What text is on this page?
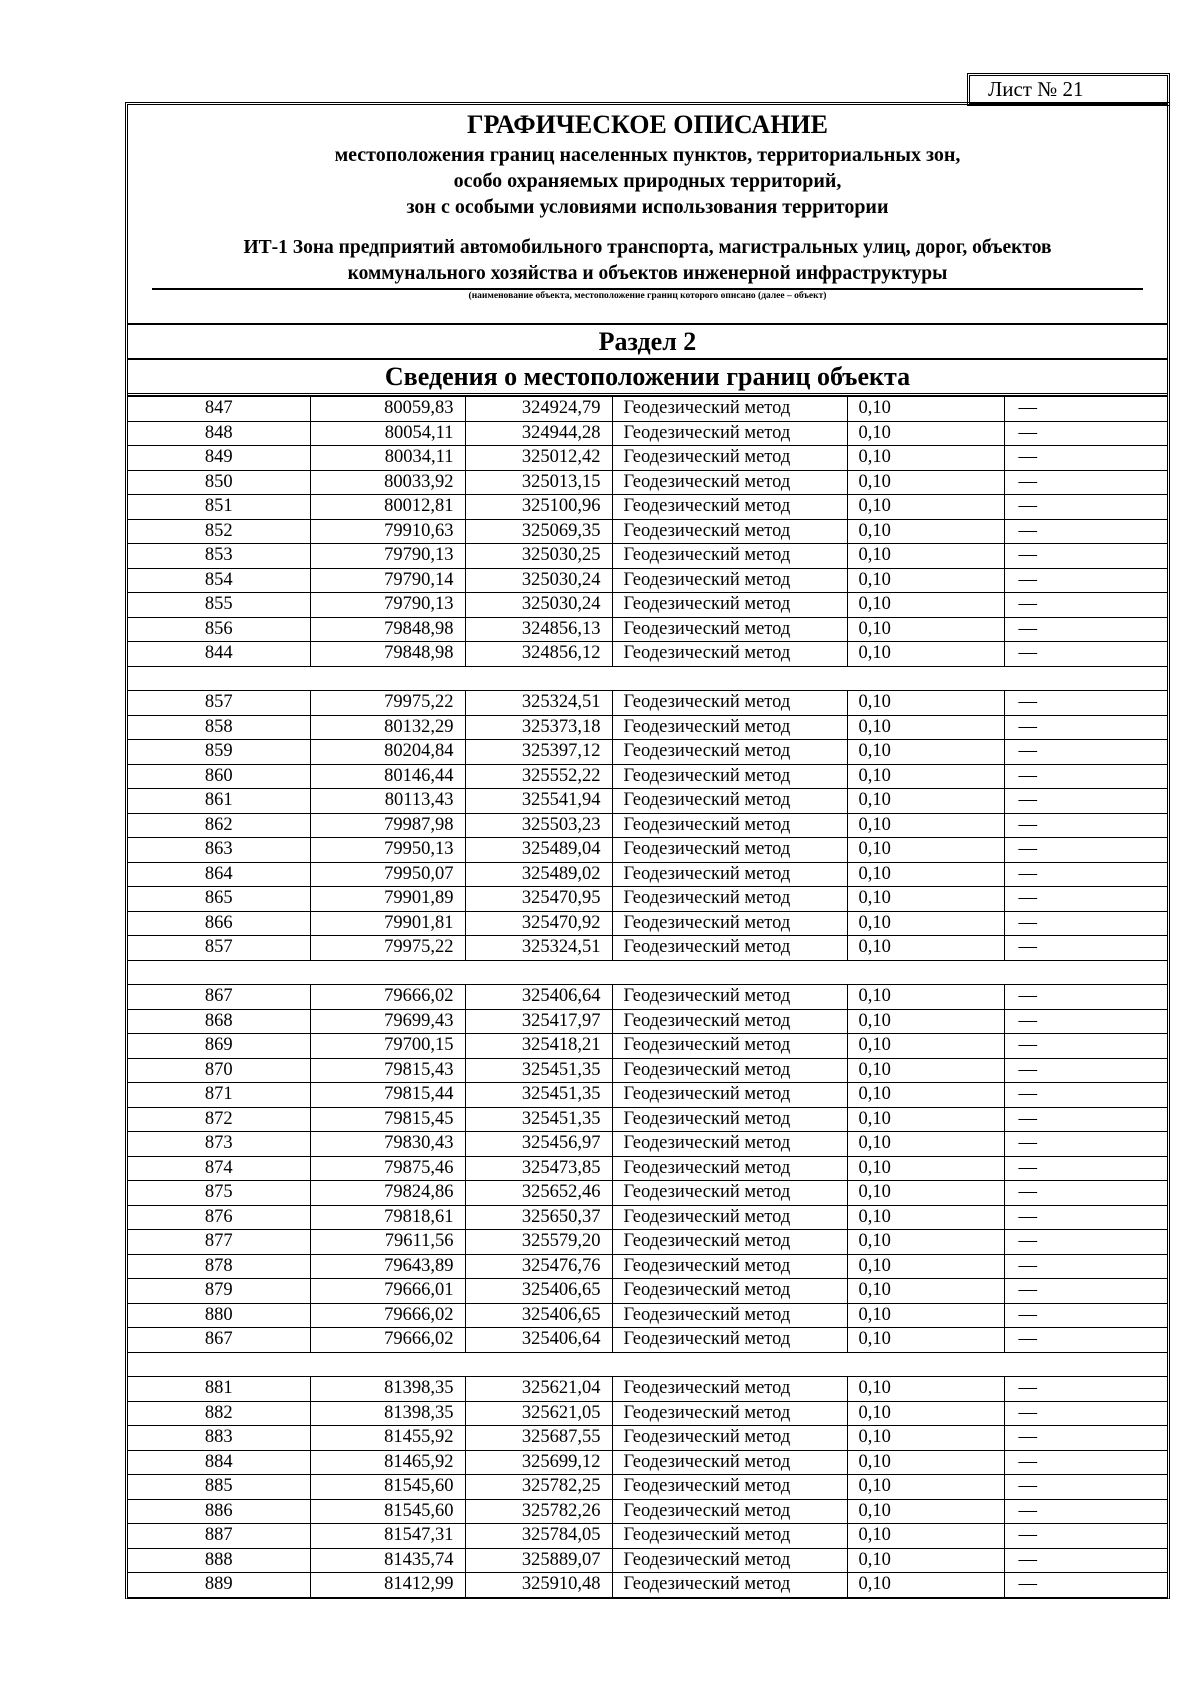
Лист № 21
ГРАФИЧЕСКОЕ ОПИСАНИЕ
местоположения границ населенных пунктов, территориальных зон,
особо охраняемых природных территорий,
зон с особыми условиями использования территории
ИТ-1 Зона предприятий автомобильного транспорта, магистральных улиц, дорог, объектов
коммунального хозяйства и объектов инженерной инфраструктуры
(наименование объекта, местоположение границ которого описано (далее – объект)
Раздел 2
Сведения о местоположении границ объекта
847	80059,83	324924,79	Геодезический метод	0,10	—
848	80054,11	324944,28	Геодезический метод	0,10	—
849	80034,11	325012,42	Геодезический метод	0,10	—
850	80033,92	325013,15	Геодезический метод	0,10	—
851	80012,81	325100,96	Геодезический метод	0,10	—
852	79910,63	325069,35	Геодезический метод	0,10	—
853	79790,13	325030,25	Геодезический метод	0,10	—
854	79790,14	325030,24	Геодезический метод	0,10	—
855	79790,13	325030,24	Геодезический метод	0,10	—
856	79848,98	324856,13	Геодезический метод	0,10	—
844	79848,98	324856,12	Геодезический метод	0,10	—

857	79975,22	325324,51	Геодезический метод	0,10	—
858	80132,29	325373,18	Геодезический метод	0,10	—
859	80204,84	325397,12	Геодезический метод	0,10	—
860	80146,44	325552,22	Геодезический метод	0,10	—
861	80113,43	325541,94	Геодезический метод	0,10	—
862	79987,98	325503,23	Геодезический метод	0,10	—
863	79950,13	325489,04	Геодезический метод	0,10	—
864	79950,07	325489,02	Геодезический метод	0,10	—
865	79901,89	325470,95	Геодезический метод	0,10	—
866	79901,81	325470,92	Геодезический метод	0,10	—
857	79975,22	325324,51	Геодезический метод	0,10	—

867	79666,02	325406,64	Геодезический метод	0,10	—
868	79699,43	325417,97	Геодезический метод	0,10	—
869	79700,15	325418,21	Геодезический метод	0,10	—
870	79815,43	325451,35	Геодезический метод	0,10	—
871	79815,44	325451,35	Геодезический метод	0,10	—
872	79815,45	325451,35	Геодезический метод	0,10	—
873	79830,43	325456,97	Геодезический метод	0,10	—
874	79875,46	325473,85	Геодезический метод	0,10	—
875	79824,86	325652,46	Геодезический метод	0,10	—
876	79818,61	325650,37	Геодезический метод	0,10	—
877	79611,56	325579,20	Геодезический метод	0,10	—
878	79643,89	325476,76	Геодезический метод	0,10	—
879	79666,01	325406,65	Геодезический метод	0,10	—
880	79666,02	325406,65	Геодезический метод	0,10	—
867	79666,02	325406,64	Геодезический метод	0,10	—

881	81398,35	325621,04	Геодезический метод	0,10	—
882	81398,35	325621,05	Геодезический метод	0,10	—
883	81455,92	325687,55	Геодезический метод	0,10	—
884	81465,92	325699,12	Геодезический метод	0,10	—
885	81545,60	325782,25	Геодезический метод	0,10	—
886	81545,60	325782,26	Геодезический метод	0,10	—
887	81547,31	325784,05	Геодезический метод	0,10	—
888	81435,74	325889,07	Геодезический метод	0,10	—
889	81412,99	325910,48	Геодезический метод	0,10	—
